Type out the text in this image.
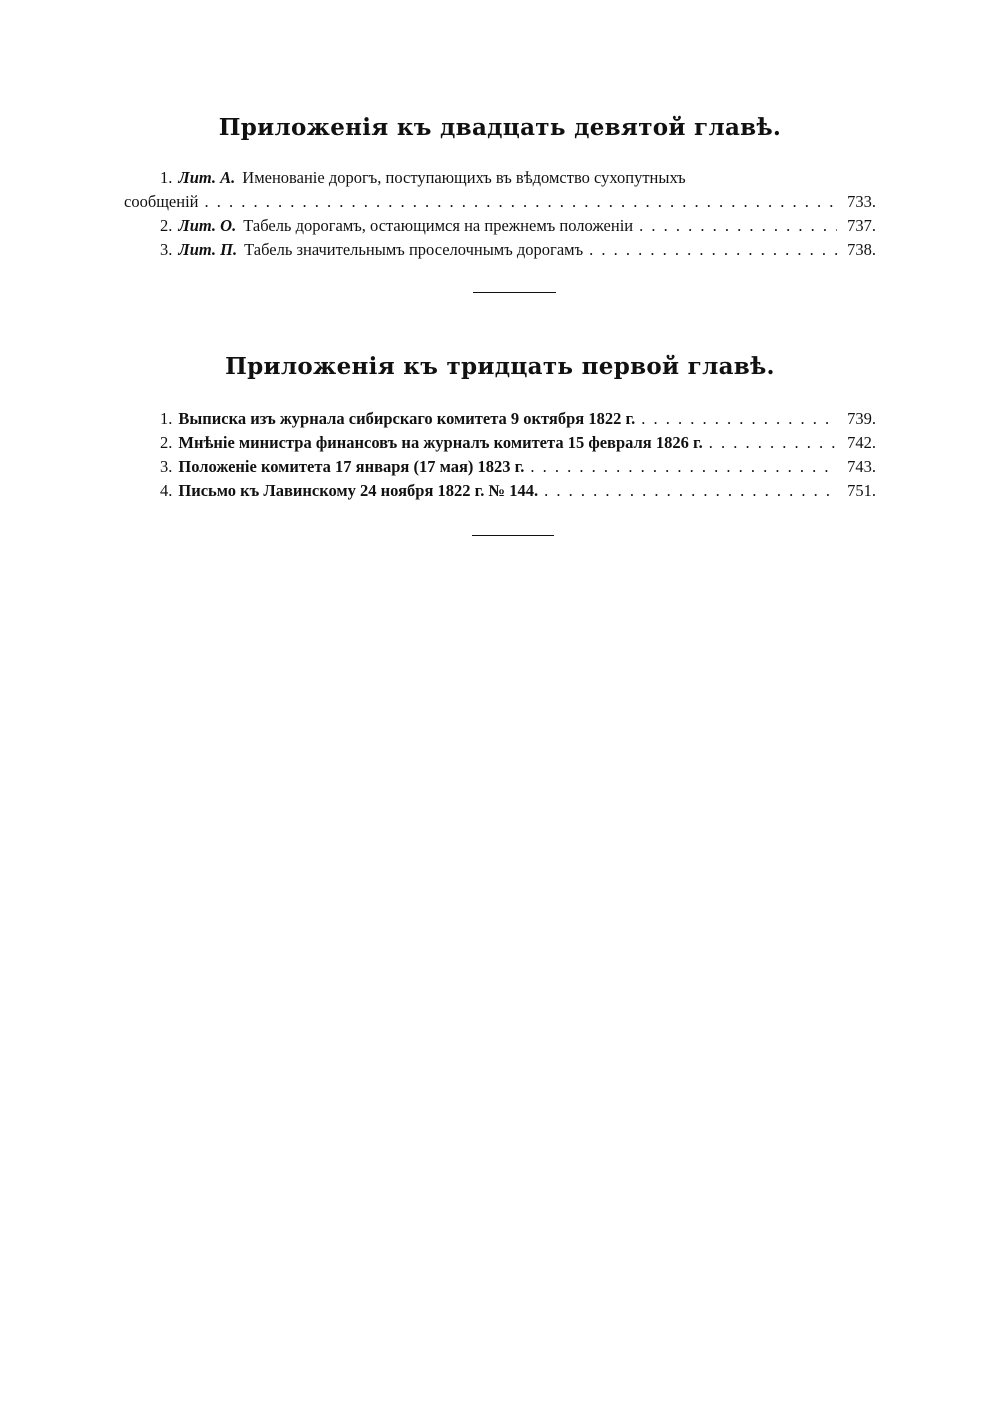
Приложенія къ двадцать девятой главѣ.
1. Лит. А. Именованіе дорогъ, поступающихъ въ вѣдомство сухопутныхъ
сообщеній . . .	733.
2. Лит. О. Табель дорогамъ, остающимся на прежнемъ положеніи . . .	737.
3. Лит. П. Табель значительнымъ проселочнымъ дорогамъ . . .	738.
Приложенія къ тридцать первой главѣ.
1. Выписка изъ журнала сибирскаго комитета 9 октября 1822 г. . . .	739.
2. Мнѣніе министра финансовъ на журналъ комитета 15 февраля 1826 г. . . .	742.
3. Положеніе комитета 17 января (17 мая) 1823 г. . . .	743.
4. Письмо къ Лавинскому 24 ноября 1822 г. № 144. . . .	751.
